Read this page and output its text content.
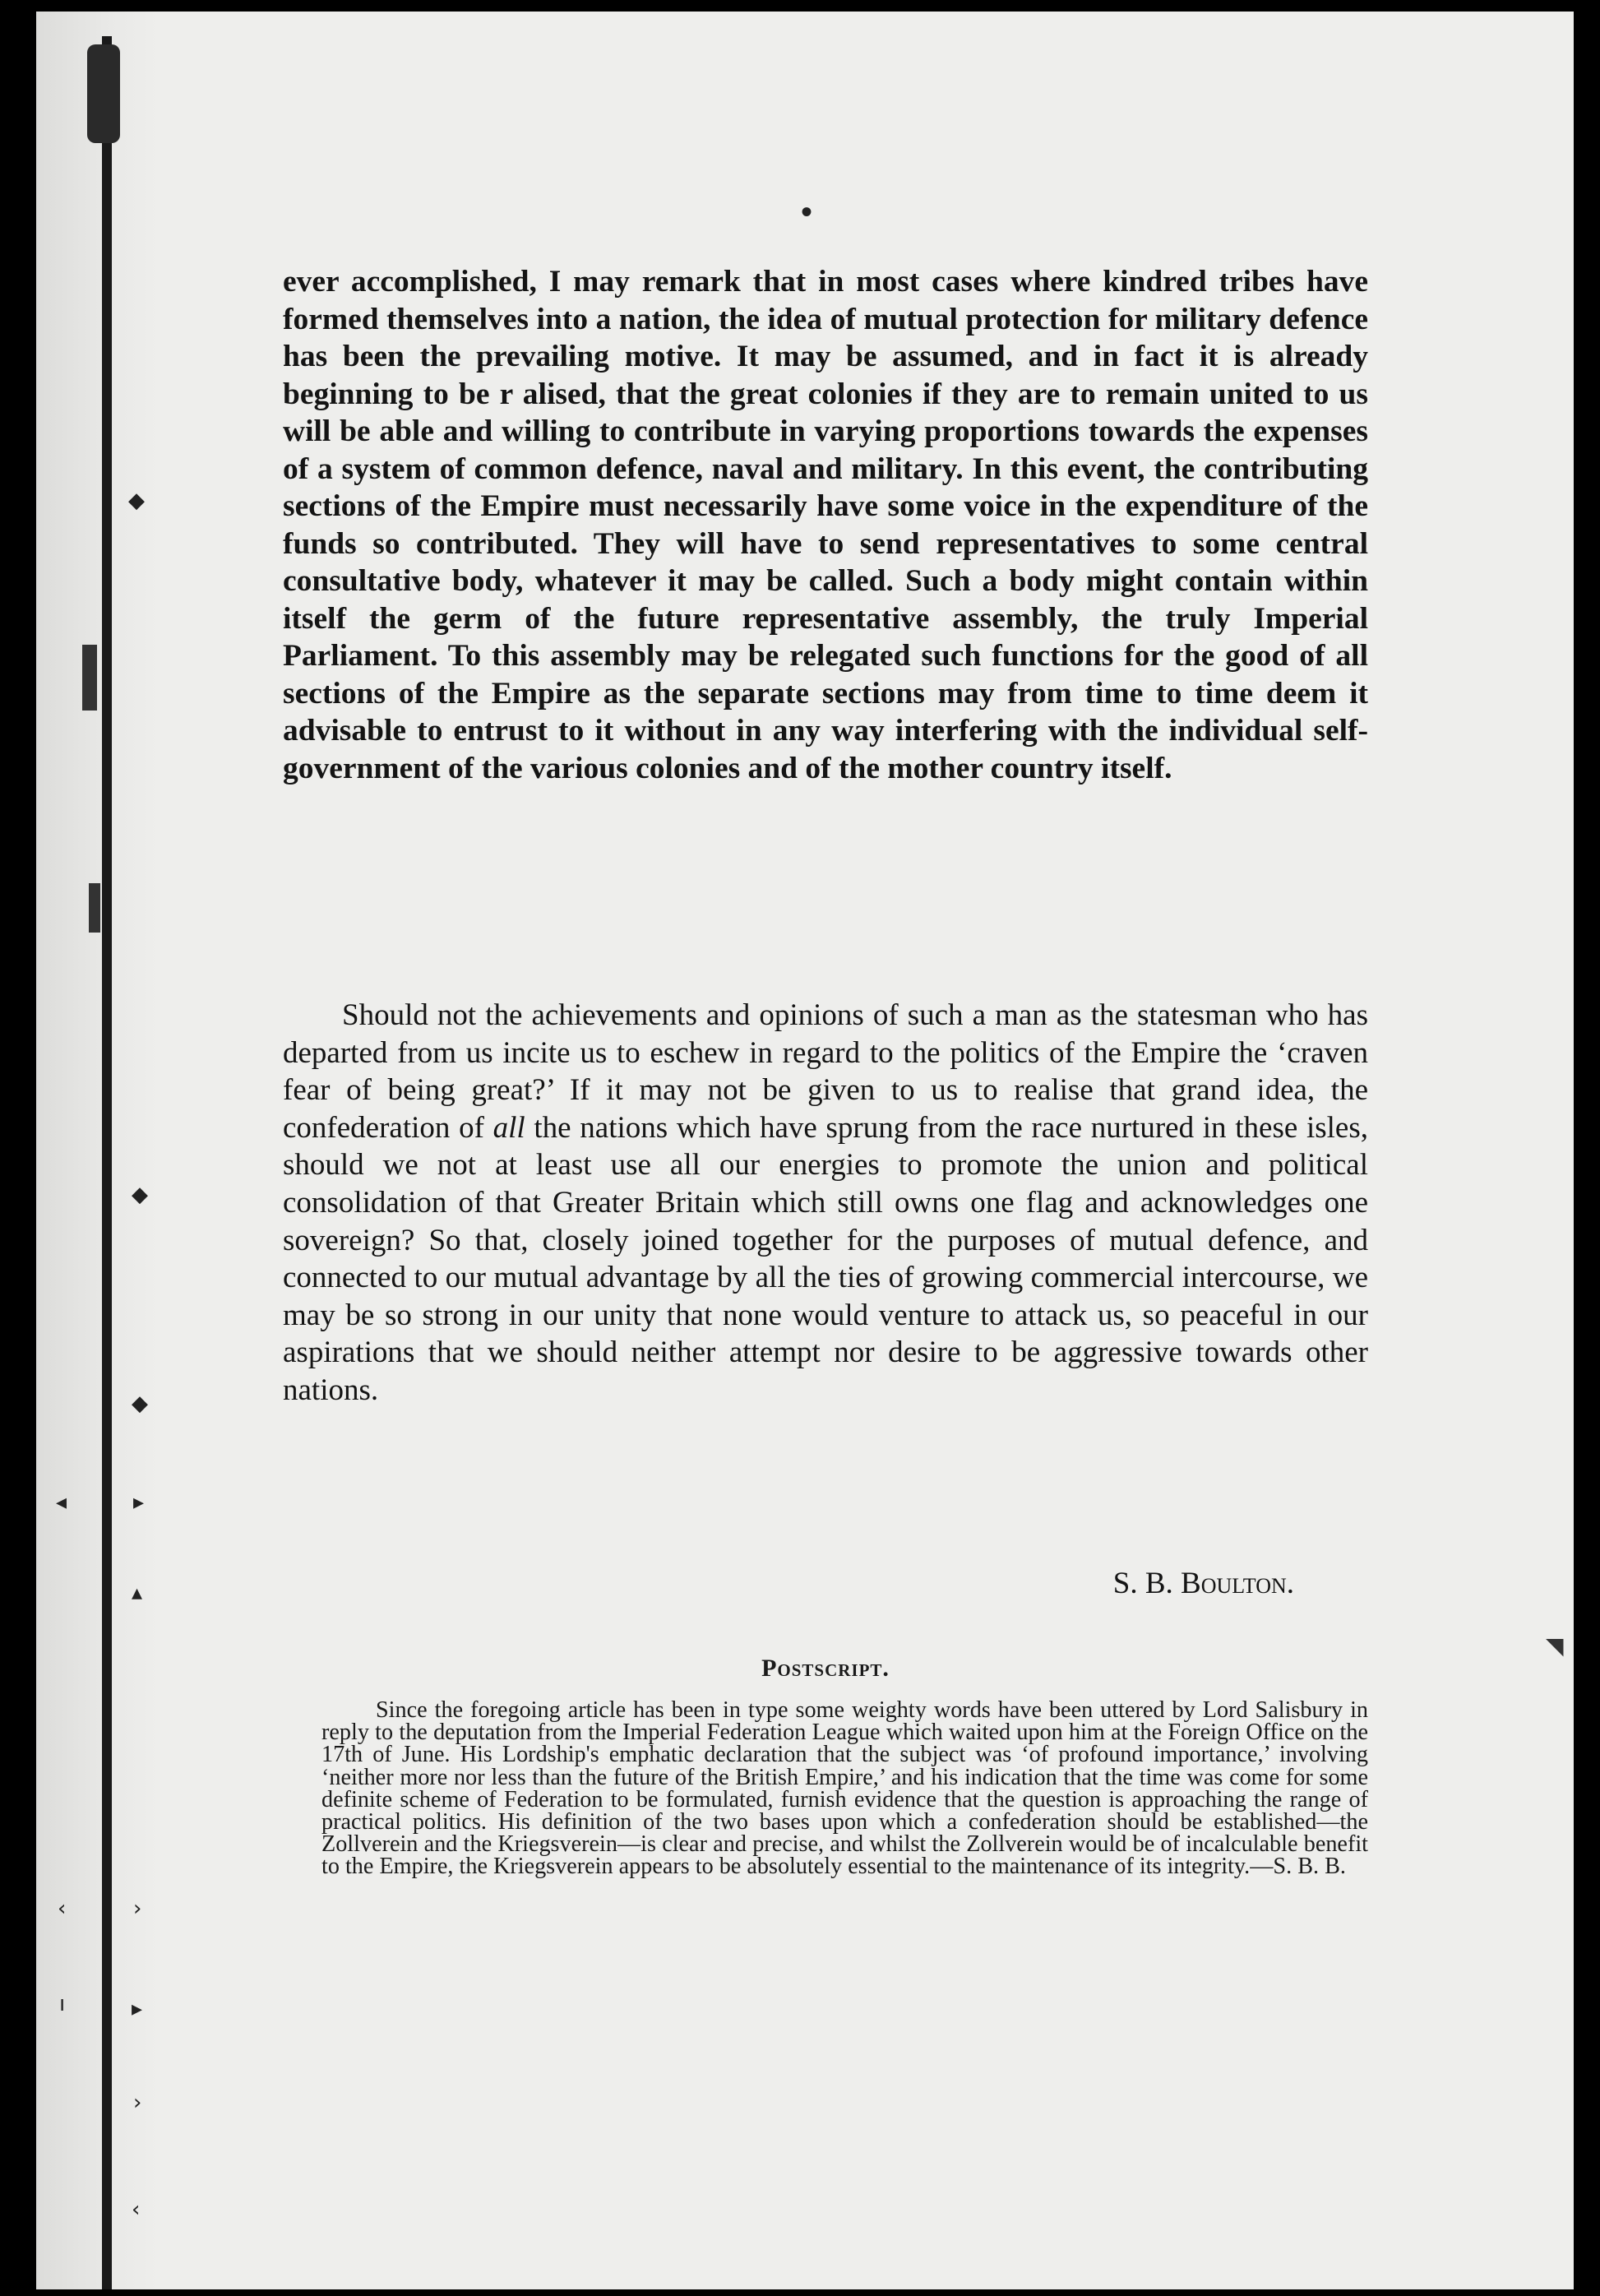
◆
◆
◂	▸
▴
◆
▸
‹	›
ı
›
‹
•

ever accomplished, I may remark that in most cases where kindred tribes have formed themselves into a nation, the idea of mutual protection for military defence has been the prevailing motive. It may be assumed, and in fact it is already beginning to be r alised, that the great colonies if they are to remain united to us will be able and willing to contribute in varying proportions towards the expenses of a system of common defence, naval and military. In this event, the contributing sections of the Empire must necessarily have some voice in the expenditure of the funds so contributed. They will have to send representatives to some central consultative body, whatever it may be called. Such a body might contain within itself the germ of the future representative assembly, the truly Imperial Parliament. To this assembly may be relegated such functions for the good of all sections of the Empire as the separate sections may from time to time deem it advisable to entrust to it without in any way interfering with the individual self-government of the various colonies and of the mother country itself.

Should not the achievements and opinions of such a man as the statesman who has departed from us incite us to eschew in regard to the politics of the Empire the ‘craven fear of being great?’ If it may not be given to us to realise that grand idea, the confederation of all the nations which have sprung from the race nurtured in these isles, should we not at least use all our energies to promote the union and political consolidation of that Greater Britain which still owns one flag and acknowledges one sovereign? So that, closely joined together for the purposes of mutual defence, and connected to our mutual advantage by all the ties of growing commercial intercourse, we may be so strong in our unity that none would venture to attack us, so peaceful in our aspirations that we should neither attempt nor desire to be aggressive towards other nations.

S. B. Boulton.

Postscript.

Since the foregoing article has been in type some weighty words have been uttered by Lord Salisbury in reply to the deputation from the Imperial Federation League which waited upon him at the Foreign Office on the 17th of June. His Lordship's emphatic declaration that the subject was ‘of profound importance,’ involving ‘neither more nor less than the future of the British Empire,’ and his indication that the time was come for some definite scheme of Federation to be formulated, furnish evidence that the question is approaching the range of practical politics. His definition of the two bases upon which a confederation should be established—the Zollverein and the Kriegsverein—is clear and precise, and whilst the Zollverein would be of incalculable benefit to the Empire, the Kriegsverein appears to be absolutely essential to the maintenance of its integrity.—S. B. B.

◥
